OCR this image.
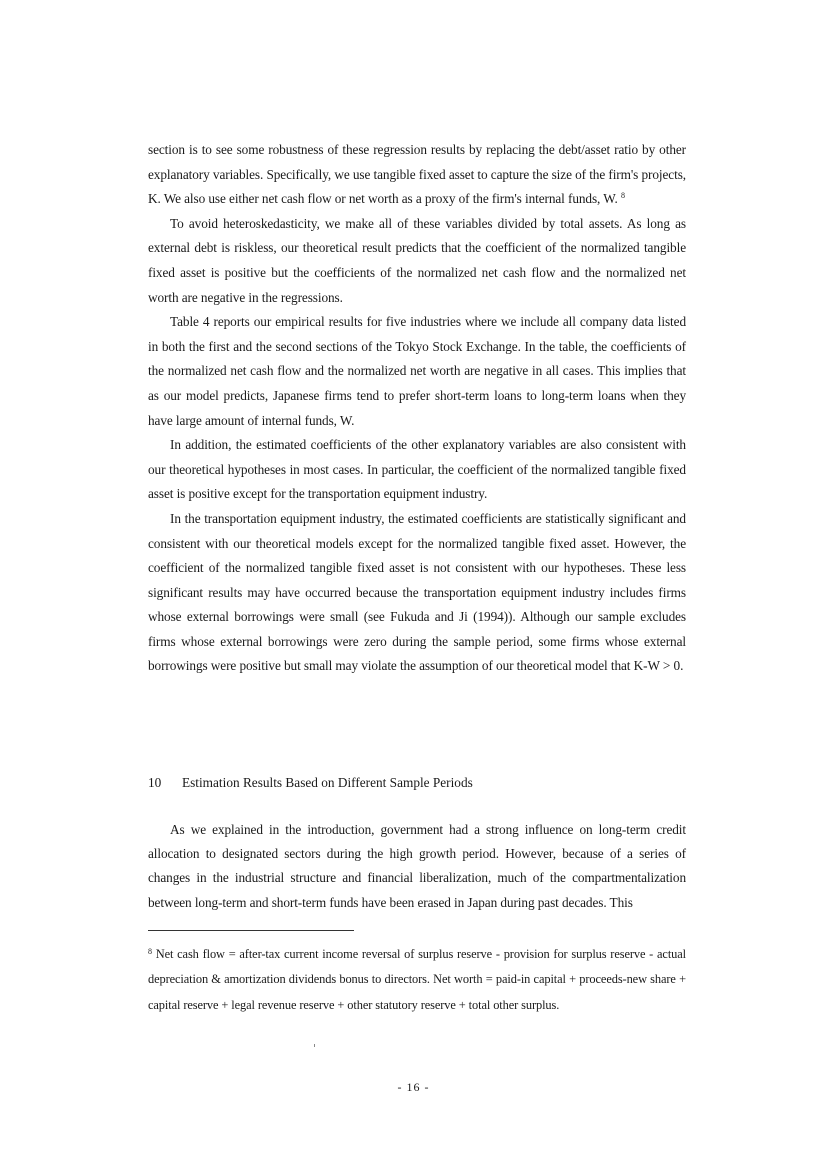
section is to see some robustness of these regression results by replacing the debt/asset ratio by other explanatory variables. Specifically, we use tangible fixed asset to capture the size of the firm's projects, K. We also use either net cash flow or net worth as a proxy of the firm's internal funds, W. $^8$

To avoid heteroskedasticity, we make all of these variables divided by total assets. As long as external debt is riskless, our theoretical result predicts that the coefficient of the normalized tangible fixed asset is positive but the coefficients of the normalized net cash flow and the normalized net worth are negative in the regressions.

Table 4 reports our empirical results for five industries where we include all company data listed in both the first and the second sections of the Tokyo Stock Exchange. In the table, the coefficients of the normalized net cash flow and the normalized net worth are negative in all cases. This implies that as our model predicts, Japanese firms tend to prefer short-term loans to long-term loans when they have large amount of internal funds, W.

In addition, the estimated coefficients of the other explanatory variables are also consistent with our theoretical hypotheses in most cases. In particular, the coefficient of the normalized tangible fixed asset is positive except for the transportation equipment industry.

In the transportation equipment industry, the estimated coefficients are statistically significant and consistent with our theoretical models except for the normalized tangible fixed asset. However, the coefficient of the normalized tangible fixed asset is not consistent with our hypotheses. These less significant results may have occurred because the transportation equipment industry includes firms whose external borrowings were small (see Fukuda and Ji (1994)). Although our sample excludes firms whose external borrowings were zero during the sample period, some firms whose external borrowings were positive but small may violate the assumption of our theoretical model that K-W > 0.

10 Estimation Results Based on Different Sample Periods

As we explained in the introduction, government had a strong influence on long-term credit allocation to designated sectors during the high growth period. However, because of a series of changes in the industrial structure and financial liberalization, much of the compartmentalization between long-term and short-term funds have been erased in Japan during past decades. This

$^8$ Net cash flow = after-tax current income reversal of surplus reserve - provision for surplus reserve - actual depreciation & amortization dividends bonus to directors. Net worth = paid-in capital + proceeds-new share + capital reserve + legal revenue reserve + other statutory reserve + total other surplus.

- 16 -
